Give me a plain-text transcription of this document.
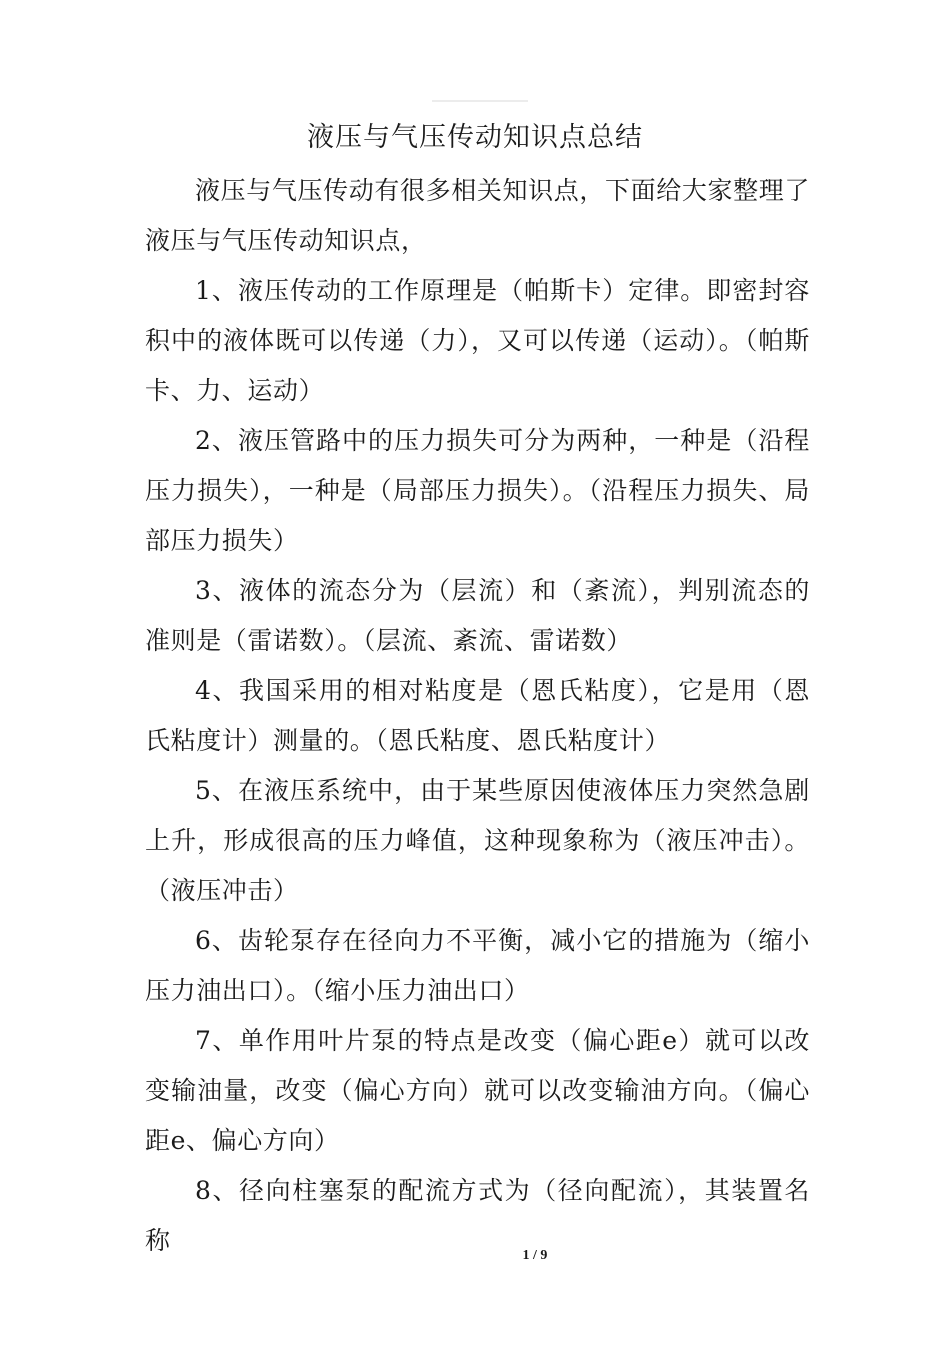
液压与气压传动知识点总结

液压与气压传动有很多相关知识点，下面给大家整理了液压与气压传动知识点，

1、液压传动的工作原理是（帕斯卡）定律。即密封容积中的液体既可以传递（力），又可以传递（运动）。（帕斯卡、力、运动）

2、液压管路中的压力损失可分为两种，一种是（沿程压力损失），一种是（局部压力损失）。（沿程压力损失、局部压力损失）

3、液体的流态分为（层流）和（紊流），判别流态的准则是（雷诺数）。（层流、紊流、雷诺数）

4、我国采用的相对粘度是（恩氏粘度），它是用（恩氏粘度计）测量的。（恩氏粘度、恩氏粘度计）

5、在液压系统中，由于某些原因使液体压力突然急剧上升，形成很高的压力峰值，这种现象称为（液压冲击）。（液压冲击）

6、齿轮泵存在径向力不平衡，减小它的措施为（缩小压力油出口）。（缩小压力油出口）

7、单作用叶片泵的特点是改变（偏心距e）就可以改变输油量，改变（偏心方向）就可以改变输油方向。（偏心距e、偏心方向）

8、径向柱塞泵的配流方式为（径向配流），其装置名称

1 / 9
